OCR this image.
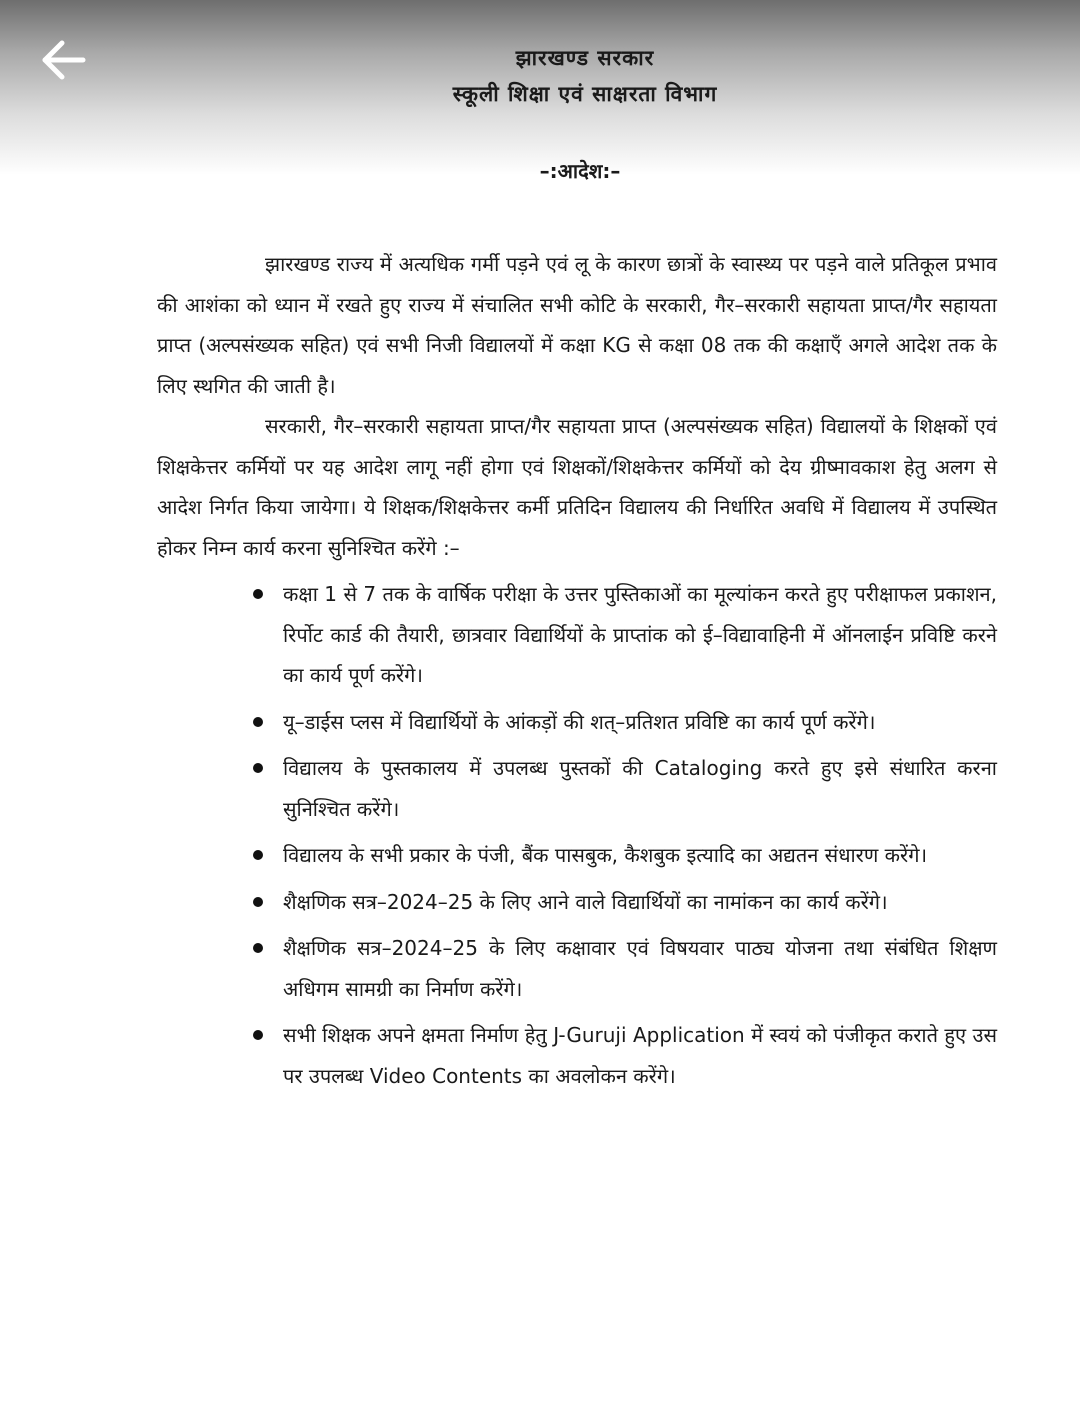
झारखण्ड सरकार
स्कूली शिक्षा एवं साक्षरता विभाग
–:आदेश:–

झारखण्ड राज्य में अत्यधिक गर्मी पड़ने एवं लू के कारण छात्रों के स्वास्थ्य पर पड़ने वाले प्रतिकूल प्रभाव की आशंका को ध्यान में रखते हुए राज्य में संचालित सभी कोटि के सरकारी, गैर–सरकारी सहायता प्राप्त/गैर सहायता प्राप्त (अल्पसंख्यक सहित) एवं सभी निजी विद्यालयों में कक्षा KG से कक्षा 08 तक की कक्षाएँ अगले आदेश तक के लिए स्थगित की जाती है।

सरकारी, गैर–सरकारी सहायता प्राप्त/गैर सहायता प्राप्त (अल्पसंख्यक सहित) विद्यालयों के शिक्षकों एवं शिक्षकेत्तर कर्मियों पर यह आदेश लागू नहीं होगा एवं शिक्षकों/शिक्षकेत्तर कर्मियों को देय ग्रीष्मावकाश हेतु अलग से आदेश निर्गत किया जायेगा। ये शिक्षक/शिक्षकेत्तर कर्मी प्रतिदिन विद्यालय की निर्धारित अवधि में विद्यालय में उपस्थित होकर निम्न कार्य करना सुनिश्चित करेंगे :–

कक्षा 1 से 7 तक के वार्षिक परीक्षा के उत्तर पुस्तिकाओं का मूल्यांकन करते हुए परीक्षाफल प्रकाशन, रिर्पोट कार्ड की तैयारी, छात्रवार विद्यार्थियों के प्राप्तांक को ई–विद्यावाहिनी में ऑनलाईन प्रविष्टि करने का कार्य पूर्ण करेंगे।
यू–डाईस प्लस में विद्यार्थियों के आंकड़ों की शत्–प्रतिशत प्रविष्टि का कार्य पूर्ण करेंगे।
विद्यालय के पुस्तकालय में उपलब्ध पुस्तकों की Cataloging करते हुए इसे संधारित करना सुनिश्चित करेंगे।
विद्यालय के सभी प्रकार के पंजी, बैंक पासबुक, कैशबुक इत्यादि का अद्यतन संधारण करेंगे।
शैक्षणिक सत्र–2024–25 के लिए आने वाले विद्यार्थियों का नामांकन का कार्य करेंगे।
शैक्षणिक सत्र–2024–25 के लिए कक्षावार एवं विषयवार पाठ्य योजना तथा संबंधित शिक्षण अधिगम सामग्री का निर्माण करेंगे।
सभी शिक्षक अपने क्षमता निर्माण हेतु J-Guruji Application में स्वयं को पंजीकृत कराते हुए उस पर उपलब्ध Video Contents का अवलोकन करेंगे।
